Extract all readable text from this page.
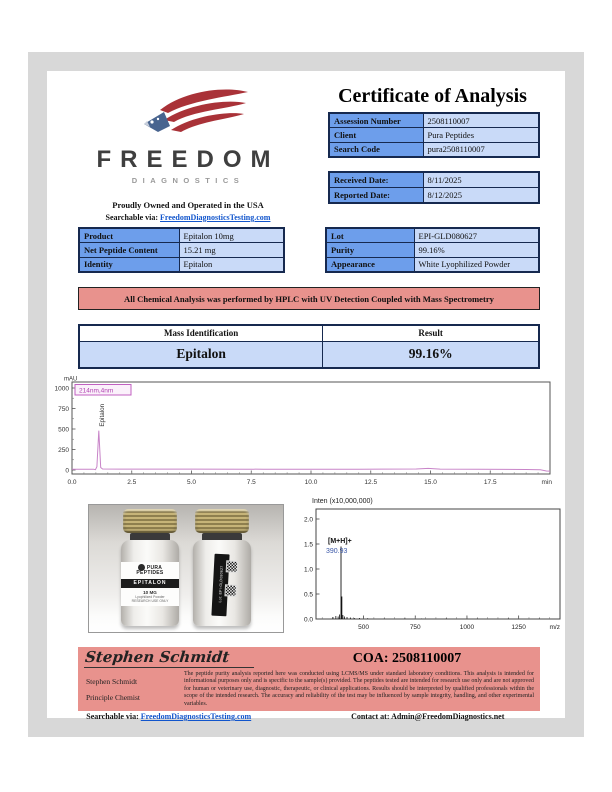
FREEDOM
DIAGNOSTICS
Proudly Owned and Operated in the USA
Searchable via: FreedomDiagnosticsTesting.com
Certificate of Analysis
Assession Number	2508110007
Client	Pura Peptides
Search Code	pura2508110007
Received Date:	8/11/2025
Reported Date:	8/12/2025
Product	Epitalon 10mg
Net Peptide Content	15.21 mg
Identity	Epitalon
Lot	EPI-GLD080627
Purity	99.16%
Appearance	White Lyophilized Powder
All Chemical Analysis was performed by HPLC with UV Detection Coupled with Mass Spectrometry
Mass Identification	Result
Epitalon	99.16%
mAU
0
250
500
750
1000
0.0	2.5	5.0	7.5	10.0	12.5	15.0	17.5	min
214nm,4nm
Epitalon
PURA
PEPTIDES
EPITALON
10 MG
Lyophilized Powder
RESEARCH USE ONLY	Lot: EPI-GLD080627
Inten (x10,000,000)
0.0
0.5
1.0
1.5
2.0
500	750	1000	1250	m/z
[M+H]+
390.93
Stephen Schmidt	COA: 2508110007
Stephen Schmidt
Principle Chemist
The peptide purity analysis reported here was conducted using LCMS/MS under standard laboratory conditions. This analysis is intended for informational purposes only and is specific to the sample(s) provided. The peptides tested are intended for research use only and are not approved for human or veterinary use, diagnostic, therapeutic, or clinical applications. Results should be interpreted by qualified professionals within the scope of the intended research. The accuracy and reliability of the test may be influenced by sample integrity, handling, and other experimental variables.
Searchable via: FreedomDiagnosticsTesting.com	Contact at: Admin@FreedomDiagnostics.net
